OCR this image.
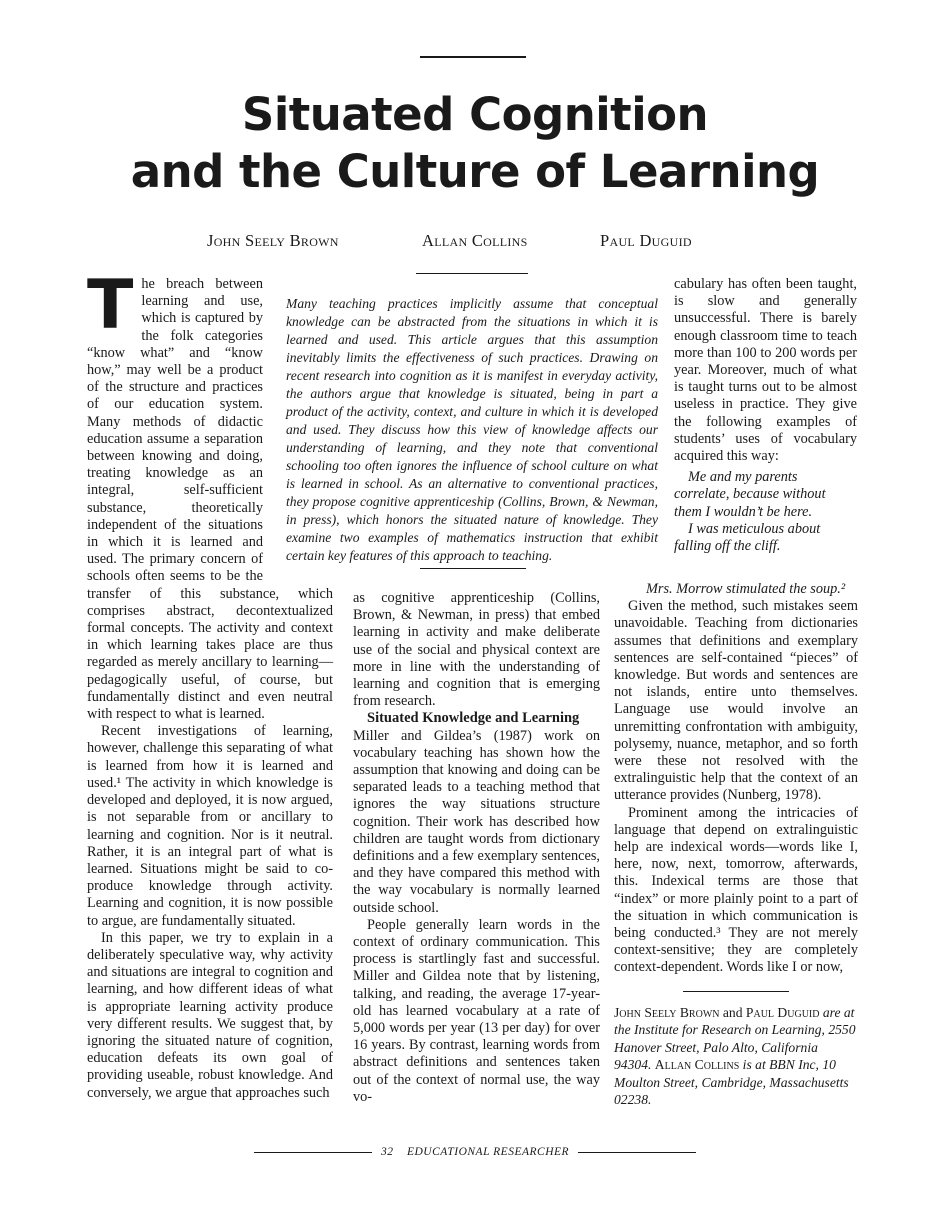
Situated Cognition
and the Culture of Learning
John Seely Brown	Allan Collins	Paul Duguid

Many teaching practices implicitly assume that conceptual knowledge can be abstracted from the situations in which it is learned and used. This article argues that this assumption inevitably limits the effectiveness of such practices. Drawing on recent research into cognition as it is manifest in everyday activity, the authors argue that knowledge is situated, being in part a product of the activity, context, and culture in which it is developed and used. They discuss how this view of knowledge affects our understanding of learning, and they note that conventional schooling too often ignores the influence of school culture on what is learned in school. As an alternative to conventional practices, they propose cognitive apprenticeship (Collins, Brown, & Newman, in press), which honors the situated nature of knowledge. They examine two examples of mathematics instruction that exhibit certain key features of this approach to teaching.

The breach between learning and use, which is captured by the folk categories “know what” and “know how,” may well be a product of the structure and practices of our education system. Many methods of didactic education assume a separation between knowing and doing, treating knowledge as an integral, self-sufficient substance, theoretically independent of the situations in which it is learned and used. The primary concern of schools often seems to be the transfer of this substance, which comprises abstract, decontextualized formal concepts. The activity and context in which learning takes place are thus regarded as merely ancillary to learning—pedagogically useful, of course, but fundamentally distinct and even neutral with respect to what is learned.

Recent investigations of learning, however, challenge this separating of what is learned from how it is learned and used.¹ The activity in which knowledge is developed and deployed, it is now argued, is not separable from or ancillary to learning and cognition. Nor is it neutral. Rather, it is an integral part of what is learned. Situations might be said to co-produce knowledge through activity. Learning and cognition, it is now possible to argue, are fundamentally situated.

In this paper, we try to explain in a deliberately speculative way, why activity and situations are integral to cognition and learning, and how different ideas of what is appropriate learning activity produce very different results. We suggest that, by ignoring the situated nature of cognition, education defeats its own goal of providing useable, robust knowledge. And conversely, we argue that approaches such

as cognitive apprenticeship (Collins, Brown, & Newman, in press) that embed learning in activity and make deliberate use of the social and physical context are more in line with the understanding of learning and cognition that is emerging from research.

Situated Knowledge and Learning

Miller and Gildea’s (1987) work on vocabulary teaching has shown how the assumption that knowing and doing can be separated leads to a teaching method that ignores the way situations structure cognition. Their work has described how children are taught words from dictionary definitions and a few exemplary sentences, and they have compared this method with the way vocabulary is normally learned outside school.

People generally learn words in the context of ordinary communication. This process is startlingly fast and successful. Miller and Gildea note that by listening, talking, and reading, the average 17-year-old has learned vocabulary at a rate of 5,000 words per year (13 per day) for over 16 years. By contrast, learning words from abstract definitions and sentences taken out of the context of normal use, the way vo-

cabulary has often been taught, is slow and generally unsuccessful. There is barely enough classroom time to teach more than 100 to 200 words per year. Moreover, much of what is taught turns out to be almost useless in practice. They give the following examples of students’ uses of vocabulary acquired this way:

Me and my parents correlate, because without them I wouldn’t be here.

I was meticulous about falling off the cliff.

Mrs. Morrow stimulated the soup.²

Given the method, such mistakes seem unavoidable. Teaching from dictionaries assumes that definitions and exemplary sentences are self-contained “pieces” of knowledge. But words and sentences are not islands, entire unto themselves. Language use would involve an unremitting confrontation with ambiguity, polysemy, nuance, metaphor, and so forth were these not resolved with the extralinguistic help that the context of an utterance provides (Nunberg, 1978).

Prominent among the intricacies of language that depend on extralinguistic help are indexical words—words like I, here, now, next, tomorrow, afterwards, this. Indexical terms are those that “index” or more plainly point to a part of the situation in which communication is being conducted.³ They are not merely context-sensitive; they are completely context-dependent. Words like I or now,

John Seely Brown and Paul Duguid are at the Institute for Research on Learning, 2550 Hanover Street, Palo Alto, California 94304. Allan Collins is at BBN Inc, 10 Moulton Street, Cambridge, Massachusetts 02238.

32 EDUCATIONAL RESEARCHER
